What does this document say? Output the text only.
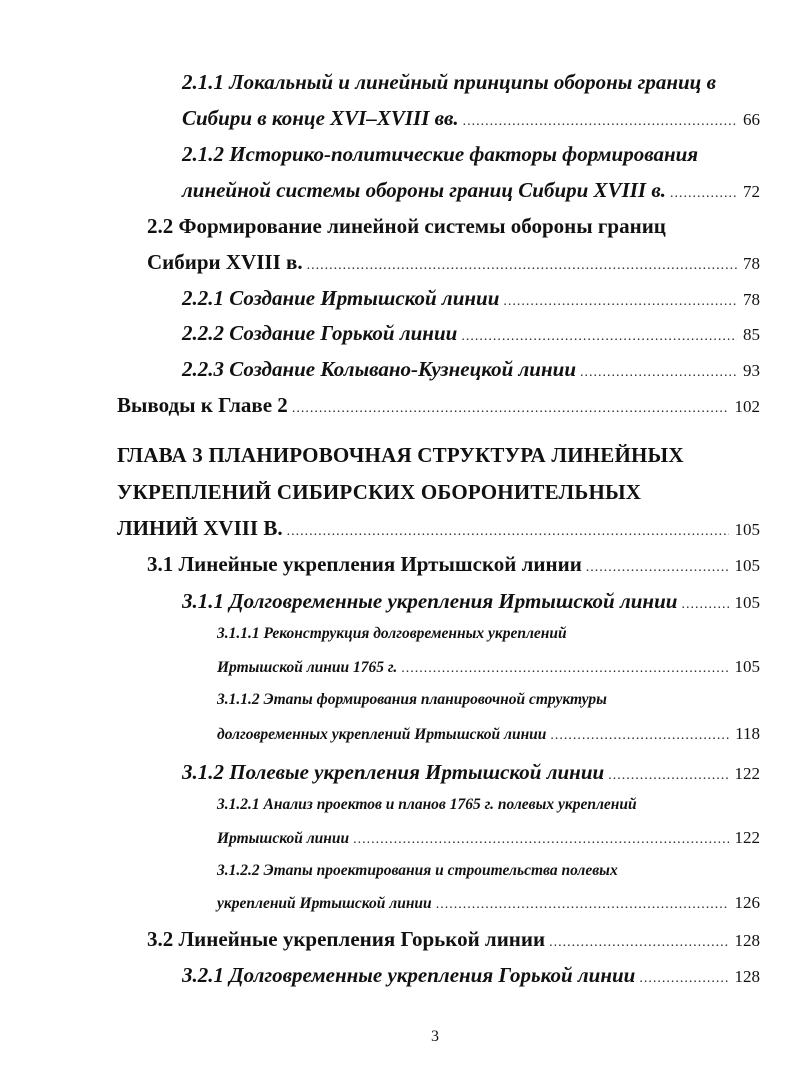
2.1.1 Локальный и линейный принципы обороны границ в
Сибири в конце XVI–XVIII вв. .....	66
2.1.2 Историко-политические факторы формирования
линейной системы обороны границ Сибири XVIII в. .....	72
2.2 Формирование линейной системы обороны границ
Сибири XVIII в. .....	78
2.2.1 Создание Иртышской линии .....	78
2.2.2 Создание Горькой линии .....	85
2.2.3 Создание Колывано-Кузнецкой линии .....	93
Выводы к Главе 2 .....	102
ГЛАВА 3 ПЛАНИРОВОЧНАЯ СТРУКТУРА ЛИНЕЙНЫХ
УКРЕПЛЕНИЙ СИБИРСКИХ ОБОРОНИТЕЛЬНЫХ
ЛИНИЙ XVIII В. .....	105
3.1 Линейные укрепления Иртышской линии .....	105
3.1.1 Долговременные укрепления Иртышской линии .....	105
3.1.1.1 Реконструкция долговременных укреплений
Иртышской линии 1765 г. .....	105
3.1.1.2 Этапы формирования планировочной структуры
долговременных укреплений Иртышской линии .....	118
3.1.2 Полевые укрепления Иртышской линии .....	122
3.1.2.1 Анализ проектов и планов 1765 г. полевых укреплений
Иртышской линии .....	122
3.1.2.2 Этапы проектирования и строительства полевых
укреплений Иртышской линии .....	126
3.2 Линейные укрепления Горькой линии .....	128
3.2.1 Долговременные укрепления Горькой линии .....	128
3
